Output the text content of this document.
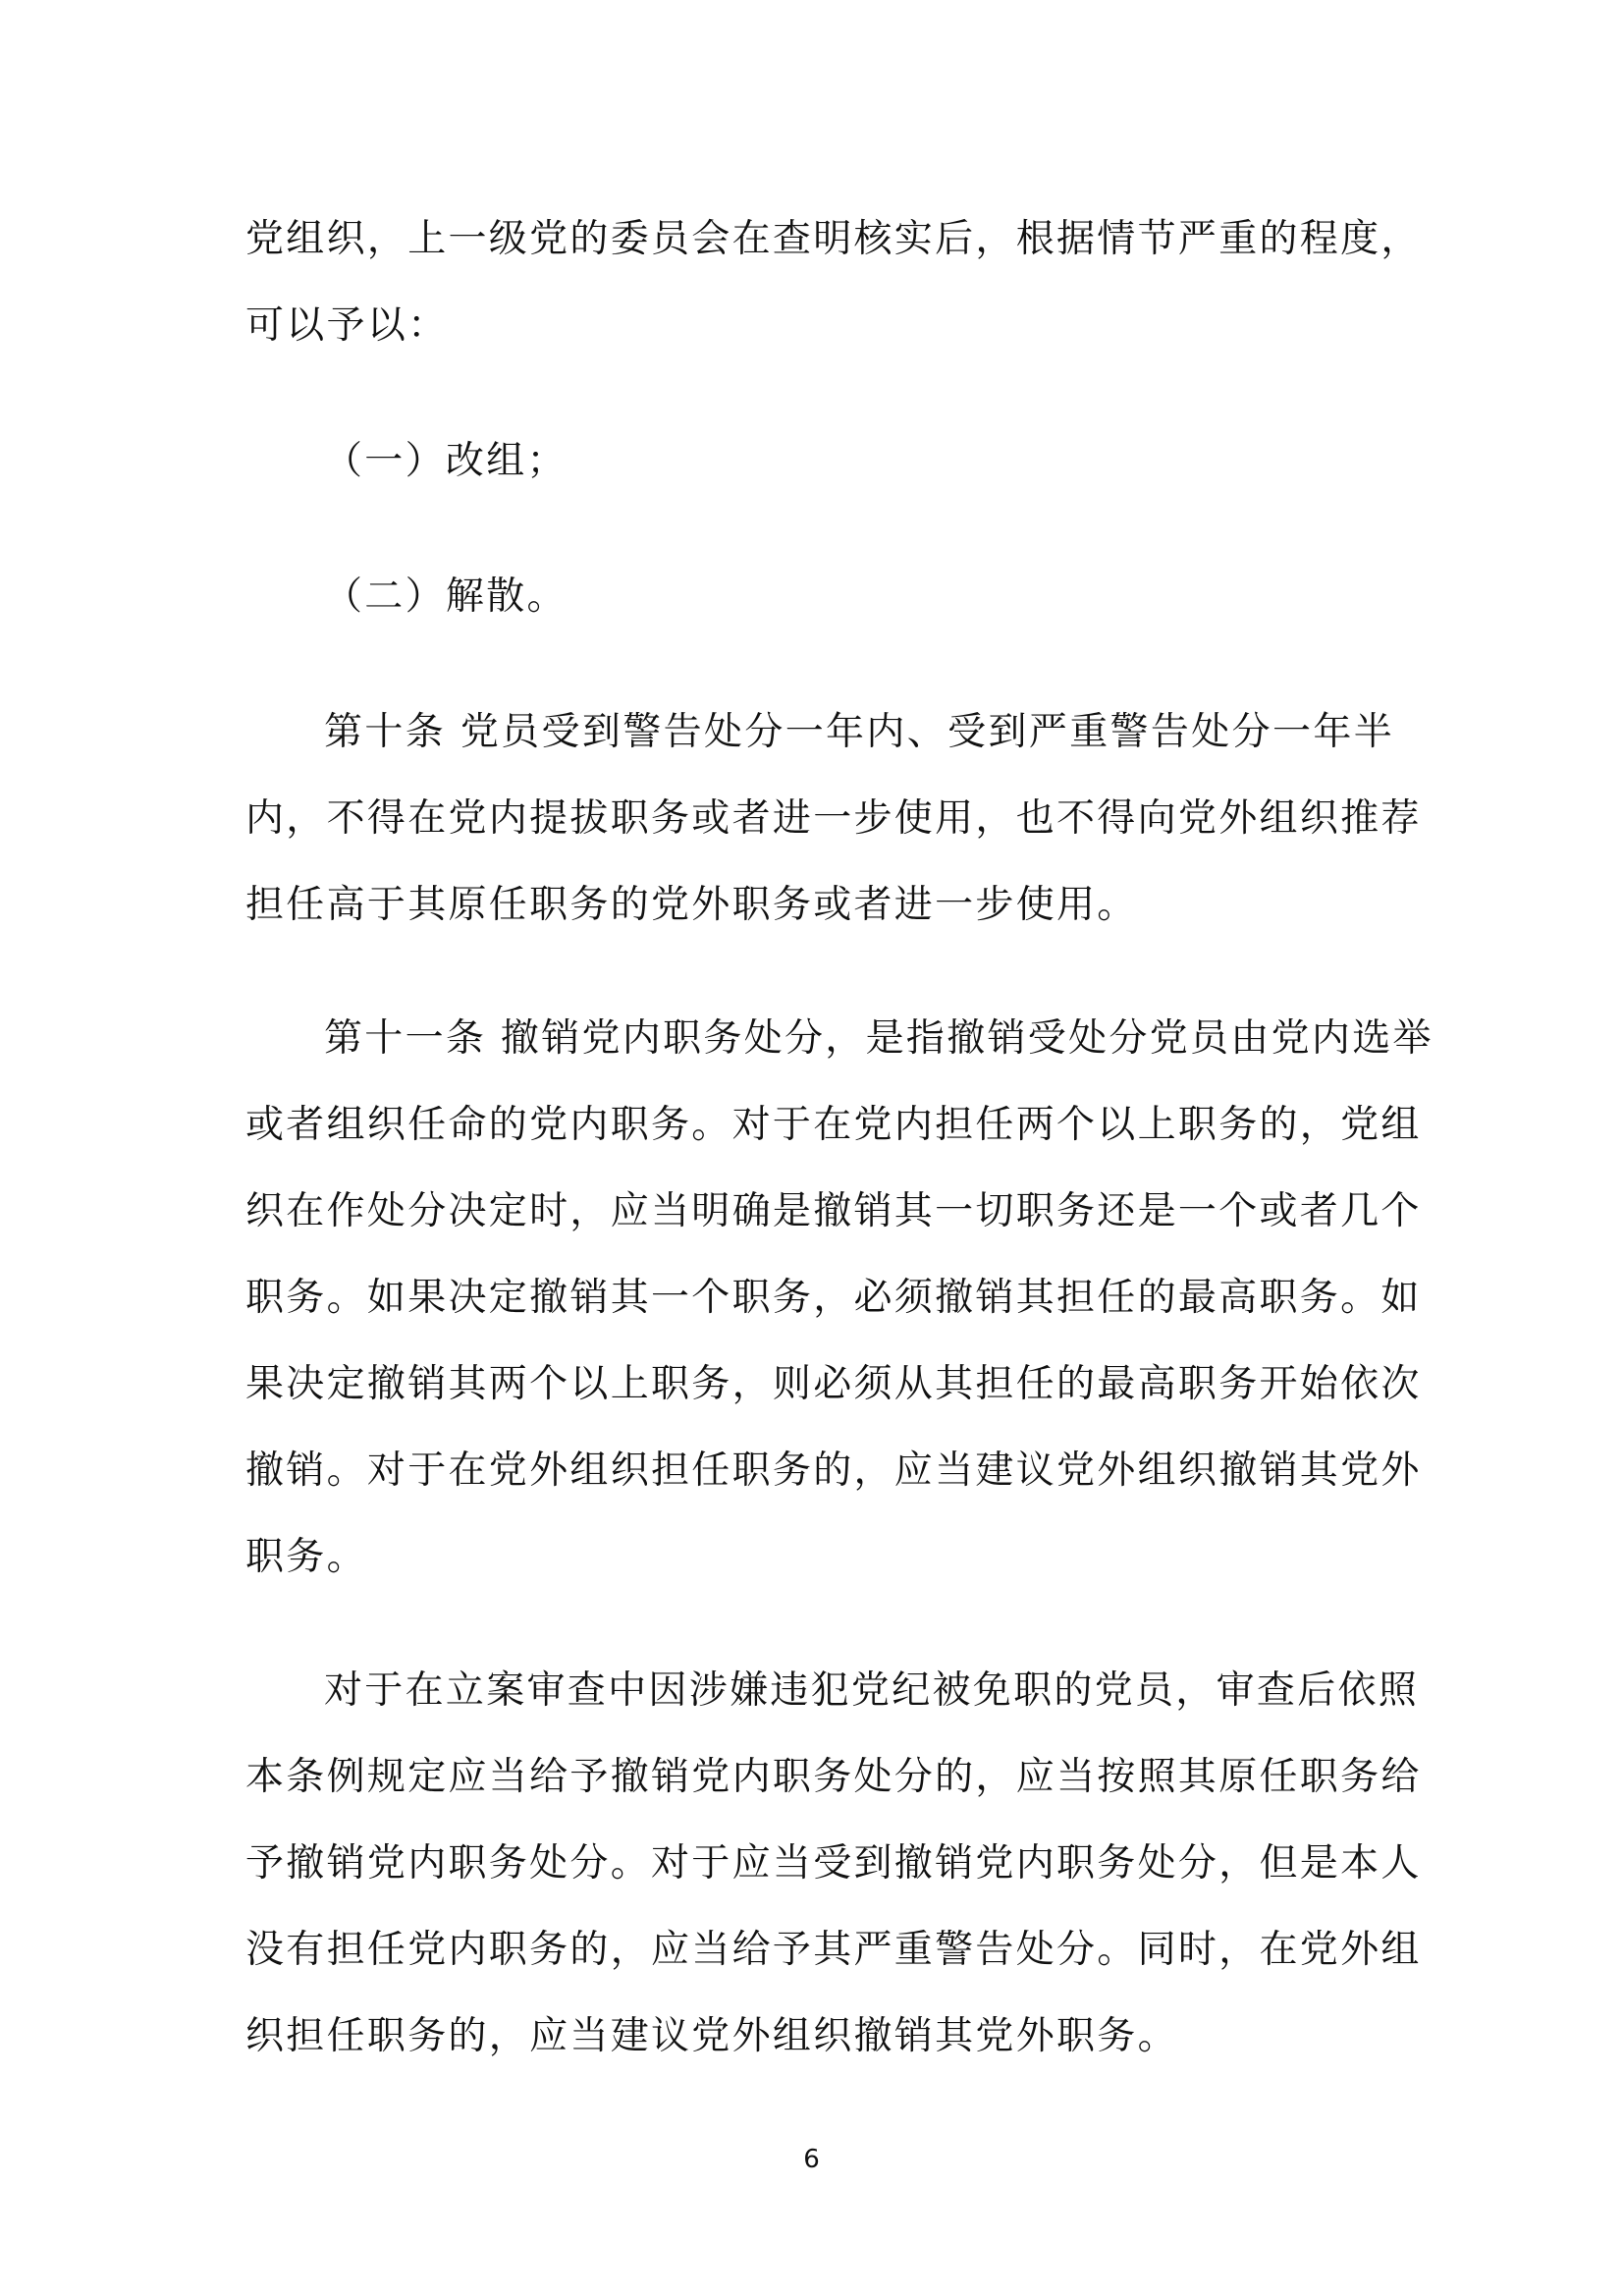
党组织，上一级党的委员会在查明核实后，根据情节严重的程度，
可以予以：
（一）改组；
（二）解散。
第十条 党员受到警告处分一年内、受到严重警告处分一年半
内，不得在党内提拔职务或者进一步使用，也不得向党外组织推荐
担任高于其原任职务的党外职务或者进一步使用。
第十一条 撤销党内职务处分，是指撤销受处分党员由党内选举
或者组织任命的党内职务。对于在党内担任两个以上职务的，党组
织在作处分决定时，应当明确是撤销其一切职务还是一个或者几个
职务。如果决定撤销其一个职务，必须撤销其担任的最高职务。如
果决定撤销其两个以上职务，则必须从其担任的最高职务开始依次
撤销。对于在党外组织担任职务的，应当建议党外组织撤销其党外
职务。
对于在立案审查中因涉嫌违犯党纪被免职的党员，审查后依照
本条例规定应当给予撤销党内职务处分的，应当按照其原任职务给
予撤销党内职务处分。对于应当受到撤销党内职务处分，但是本人
没有担任党内职务的，应当给予其严重警告处分。同时，在党外组
织担任职务的，应当建议党外组织撤销其党外职务。
6
